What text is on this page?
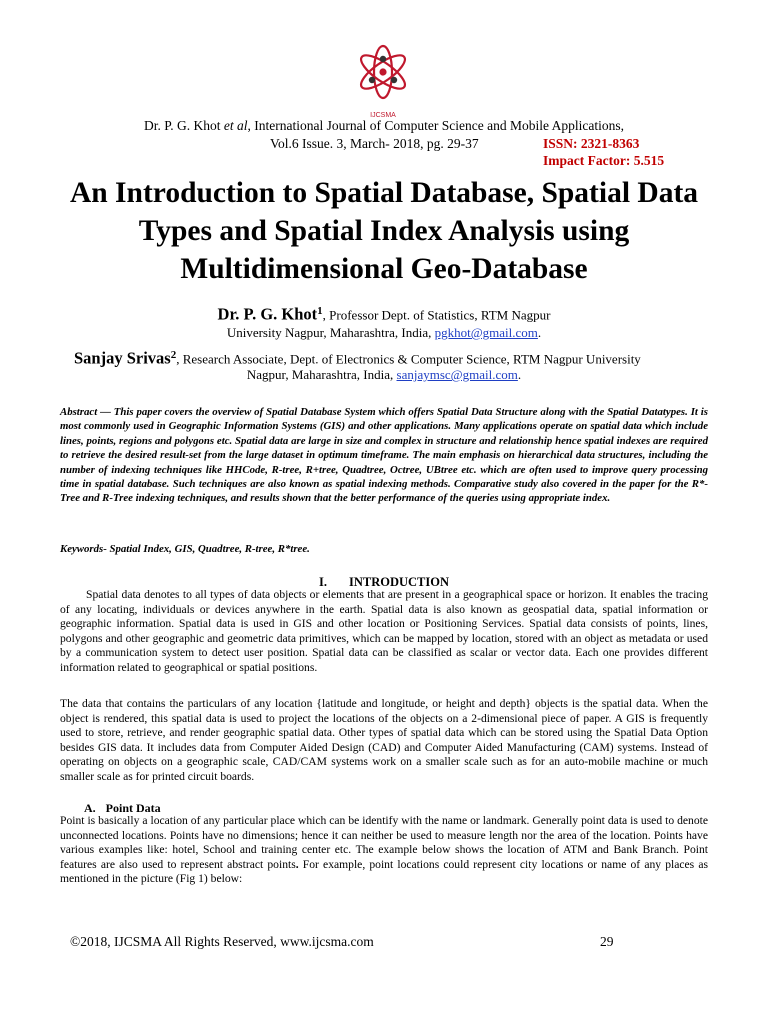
IJCSMA
Dr. P. G. Khot et al, International Journal of Computer Science and Mobile Applications,
Vol.6 Issue. 3, March- 2018, pg. 29-37	ISSN: 2321-8363
Impact Factor: 5.515
An Introduction to Spatial Database, Spatial Data Types and Spatial Index Analysis using Multidimensional Geo-Database
Dr. P. G. Khot$^1$, Professor Dept. of Statistics, RTM Nagpur
University Nagpur, Maharashtra, India, pgkhot@gmail.com.
Sanjay Srivas$^2$, Research Associate, Dept. of Electronics & Computer Science, RTM Nagpur University
Nagpur, Maharashtra, India, sanjaymsc@gmail.com.

Abstract — This paper covers the overview of Spatial Database System which offers Spatial Data Structure along with the Spatial Datatypes. It is most commonly used in Geographic Information Systems (GIS) and other applications. Many applications operate on spatial data which include lines, points, regions and polygons etc. Spatial data are large in size and complex in structure and relationship hence spatial indexes are required to retrieve the desired result-set from the large dataset in optimum timeframe. The main emphasis on hierarchical data structures, including the number of indexing techniques like HHCode, R-tree, R+tree, Quadtree, Octree, UBtree etc. which are often used to improve query processing time in spatial database. Such techniques are also known as spatial indexing methods. Comparative study also covered in the paper for the R*-Tree and R-Tree indexing techniques, and results shown that the better performance of the queries using appropriate index.

Keywords- Spatial Index, GIS, Quadtree, R-tree, R*tree.

I. INTRODUCTION

Spatial data denotes to all types of data objects or elements that are present in a geographical space or horizon. It enables the tracing of any locating, individuals or devices anywhere in the earth. Spatial data is also known as geospatial data, spatial information or geographic information. Spatial data is used in GIS and other location or Positioning Services. Spatial data consists of points, lines, polygons and other geographic and geometric data primitives, which can be mapped by location, stored with an object as metadata or used by a communication system to detect user position. Spatial data can be classified as scalar or vector data. Each one provides different information related to geographical or spatial positions.

The data that contains the particulars of any location {latitude and longitude, or height and depth} objects is the spatial data. When the object is rendered, this spatial data is used to project the locations of the objects on a 2-dimensional piece of paper. A GIS is frequently used to store, retrieve, and render geographic spatial data. Other types of spatial data which can be stored using the Spatial Data Option besides GIS data. It includes data from Computer Aided Design (CAD) and Computer Aided Manufacturing (CAM) systems. Instead of operating on objects on a geographic scale, CAD/CAM systems work on a smaller scale such as for an auto-mobile machine or much smaller scale as for printed circuit boards.

A. Point Data

Point is basically a location of any particular place which can be identify with the name or landmark. Generally point data is used to denote unconnected locations. Points have no dimensions; hence it can neither be used to measure length nor the area of the location. Points have various examples like: hotel, School and training center etc. The example below shows the location of ATM and Bank Branch. Point features are also used to represent abstract points. For example, point locations could represent city locations or name of any places as mentioned in the picture (Fig 1) below:

©2018, IJCSMA All Rights Reserved, www.ijcsma.com	29
